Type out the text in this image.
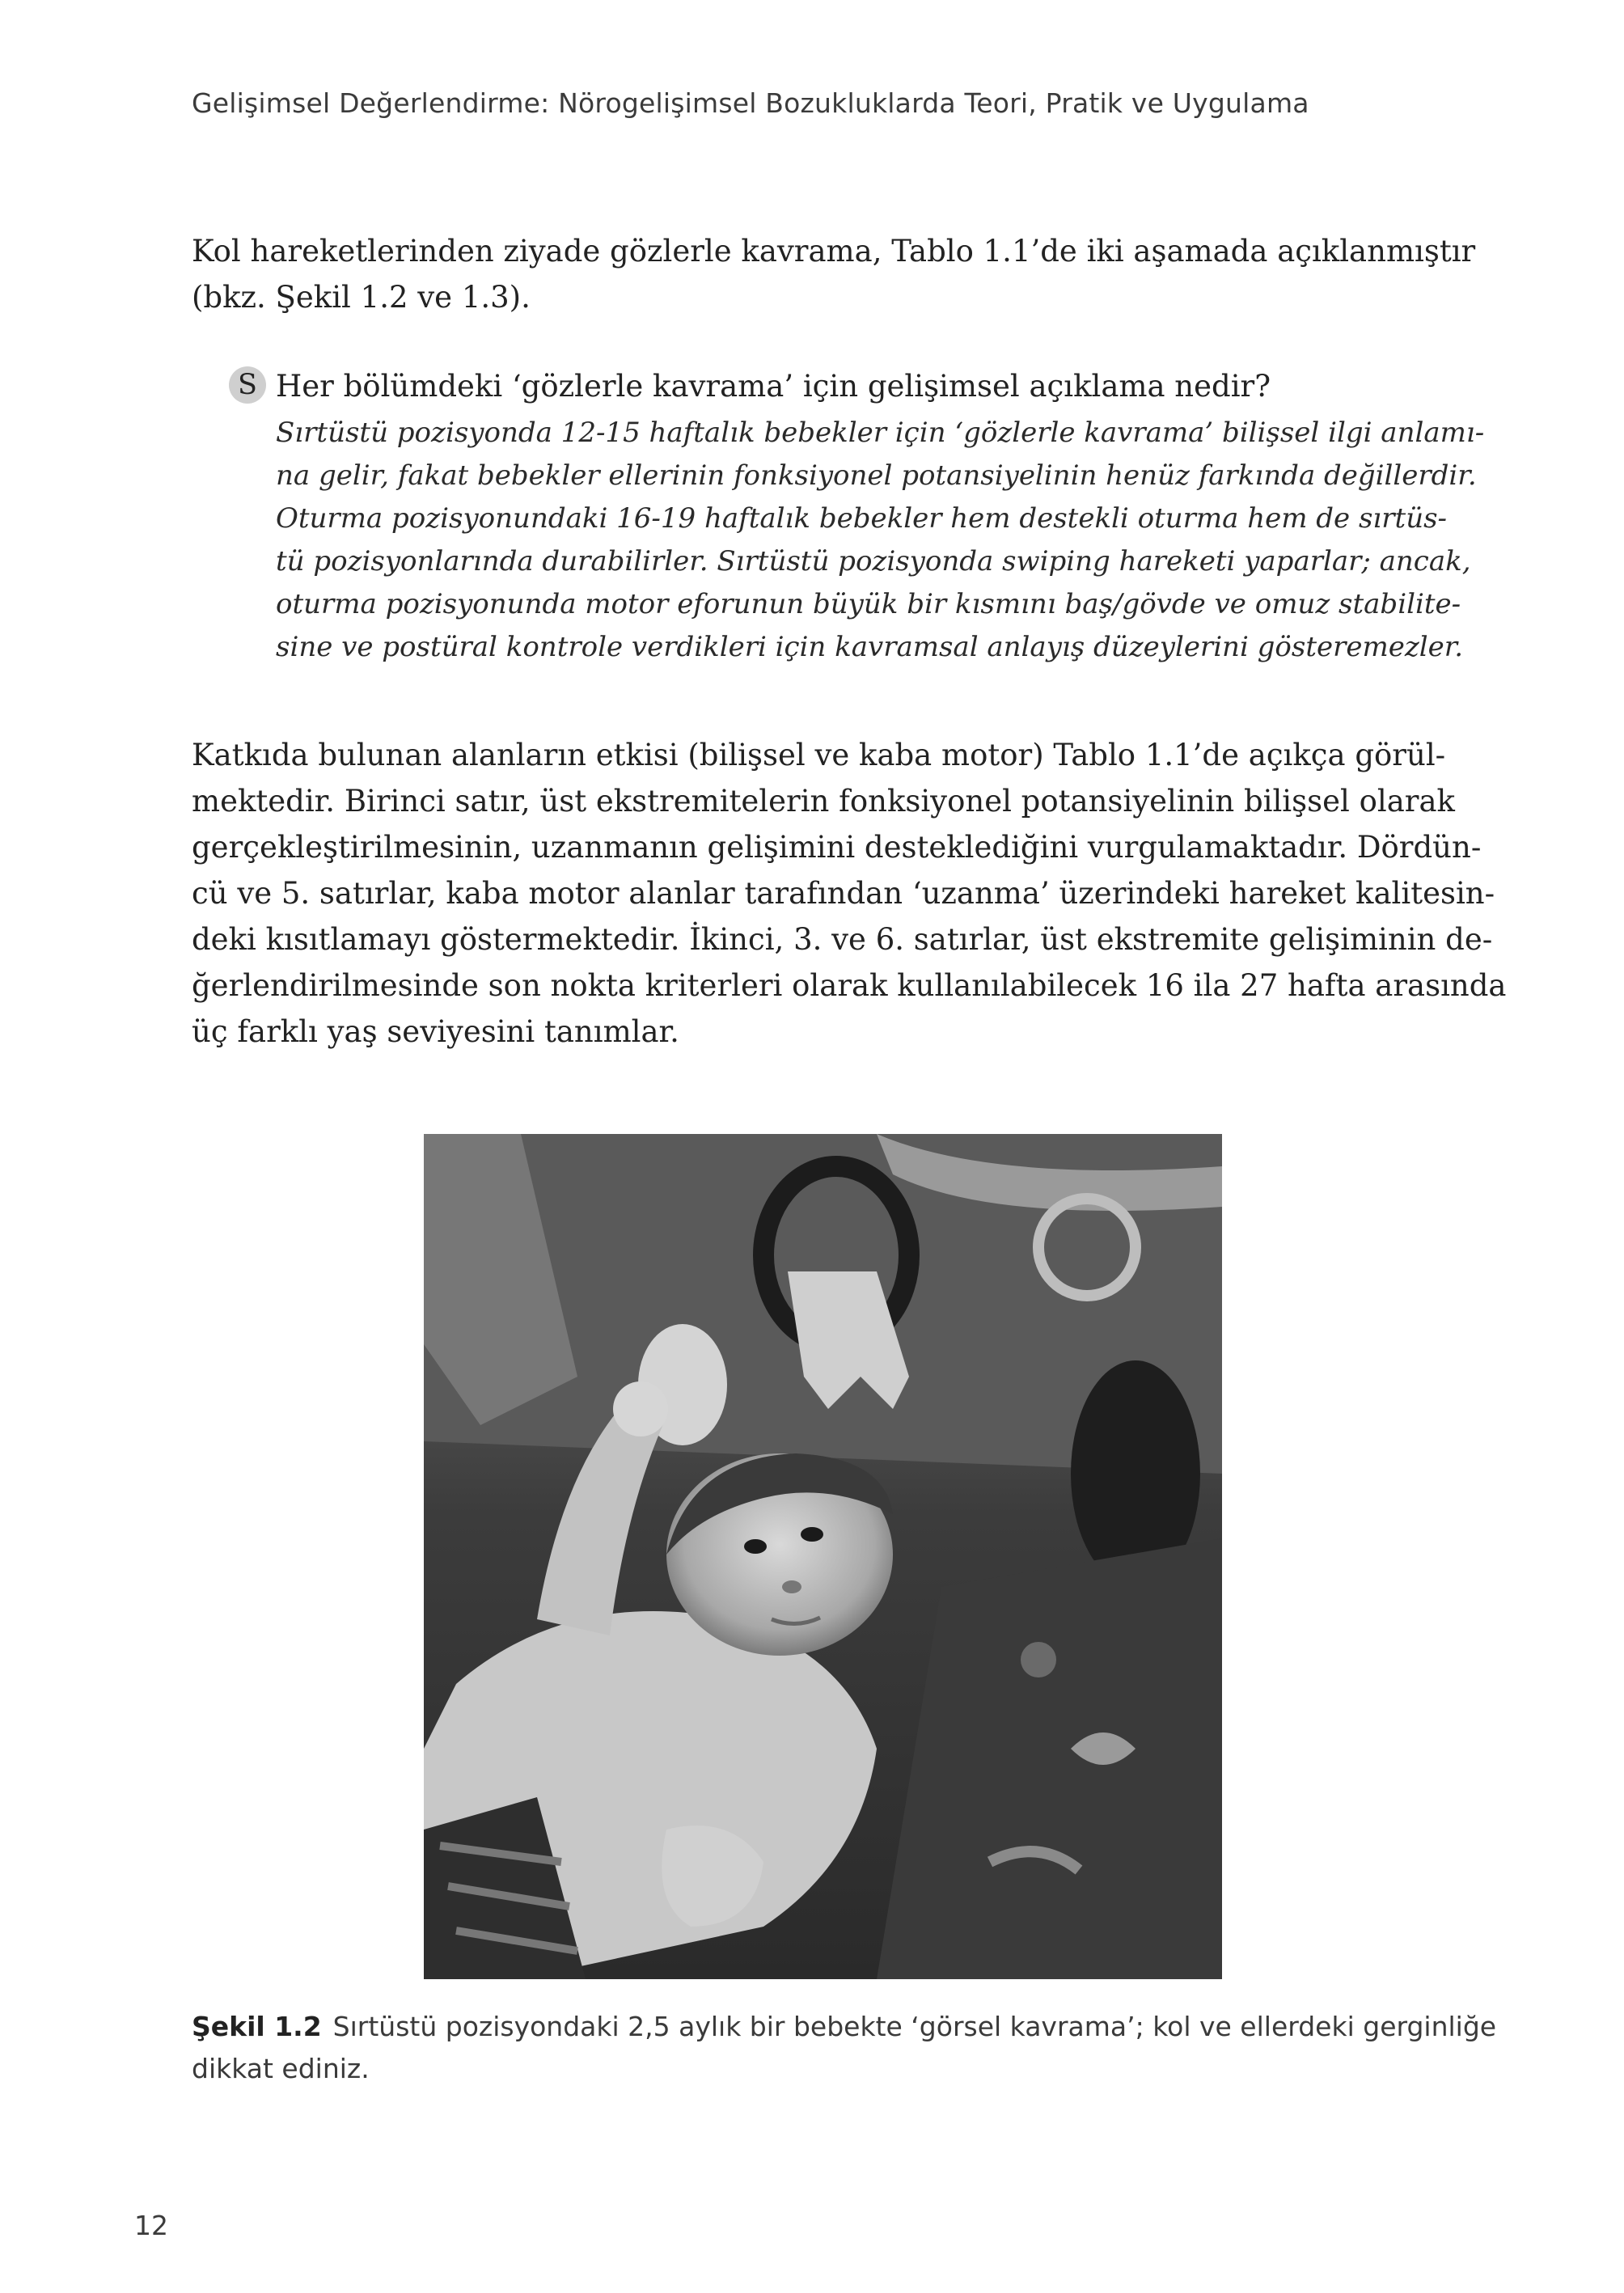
Gelişimsel Değerlendirme: Nörogelişimsel Bozukluklarda Teori, Pratik ve Uygulama
Kol hareketlerinden ziyade gözlerle kavrama, Tablo 1.1’de iki aşamada açıklanmıştır
(bkz. Şekil 1.2 ve 1.3).
S Her bölümdeki ‘gözlerle kavrama’ için gelişimsel açıklama nedir?
Sırtüstü pozisyonda 12-15 haftalık bebekler için ‘gözlerle kavrama’ bilişsel ilgi anlamı-
na gelir, fakat bebekler ellerinin fonksiyonel potansiyelinin henüz farkında değillerdir.
Oturma pozisyonundaki 16-19 haftalık bebekler hem destekli oturma hem de sırtüs-
tü pozisyonlarında durabilirler. Sırtüstü pozisyonda swiping hareketi yaparlar; ancak,
oturma pozisyonunda motor eforunun büyük bir kısmını baş/gövde ve omuz stabilite-
sine ve postüral kontrole verdikleri için kavramsal anlayış düzeylerini gösteremezler.
Katkıda bulunan alanların etkisi (bilişsel ve kaba motor) Tablo 1.1’de açıkça görül-
mektedir. Birinci satır, üst ekstremitelerin fonksiyonel potansiyelinin bilişsel olarak
gerçekleştirilmesinin, uzanmanın gelişimini desteklediğini vurgulamaktadır. Dördün-
cü ve 5. satırlar, kaba motor alanlar tarafından ‘uzanma’ üzerindeki hareket kalitesin-
deki kısıtlamayı göstermektedir. İkinci, 3. ve 6. satırlar, üst ekstremite gelişiminin de-
ğerlendirilmesinde son nokta kriterleri olarak kullanılabilecek 16 ila 27 hafta arasında
üç farklı yaş seviyesini tanımlar.
Şekil 1.2 Sırtüstü pozisyondaki 2,5 aylık bir bebekte ‘görsel kavrama’; kol ve ellerdeki gerginliğe
dikkat ediniz.
12
